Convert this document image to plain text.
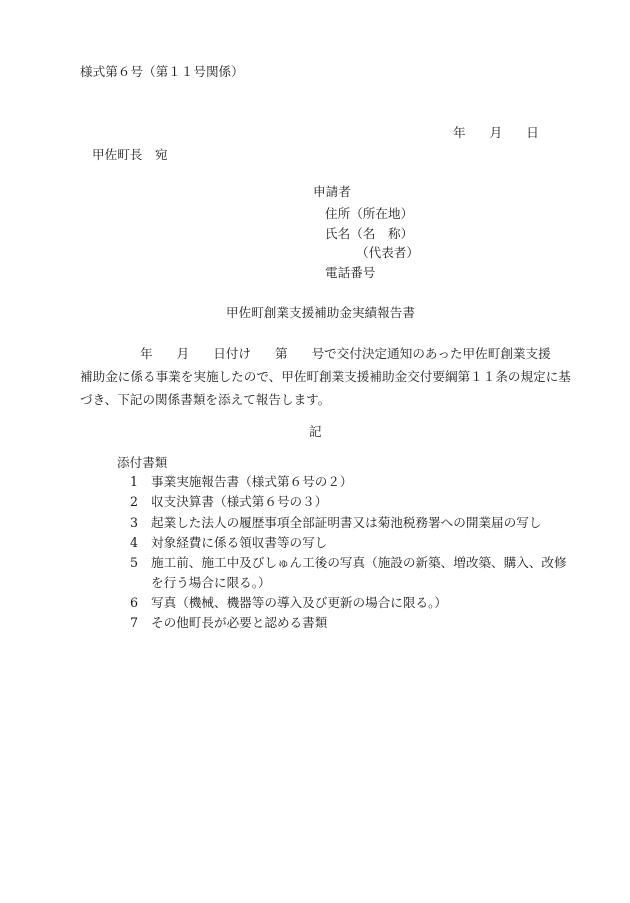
様式第６号（第１１号関係）
年 月 日
甲佐町長　宛
申請者
住所（所在地）
氏名（名　称）
（代表者）
電話番号
甲佐町創業支援補助金実績報告書
年 月 日付け 第 号で交付決定通知のあった甲佐町創業支援
補助金に係る事業を実施したので、甲佐町創業支援補助金交付要綱第１１条の規定に基
づき、下記の関係書類を添えて報告します。
記
添付書類
1 事業実施報告書（様式第６号の２）
2 収支決算書（様式第６号の３）
3 起業した法人の履歴事項全部証明書又は菊池税務署への開業届の写し
4 対象経費に係る領収書等の写し
5 施工前、施工中及びしゅん工後の写真（施設の新築、増改築、購入、改修
を行う場合に限る。）
6 写真（機械、機器等の導入及び更新の場合に限る。）
7 その他町長が必要と認める書類
